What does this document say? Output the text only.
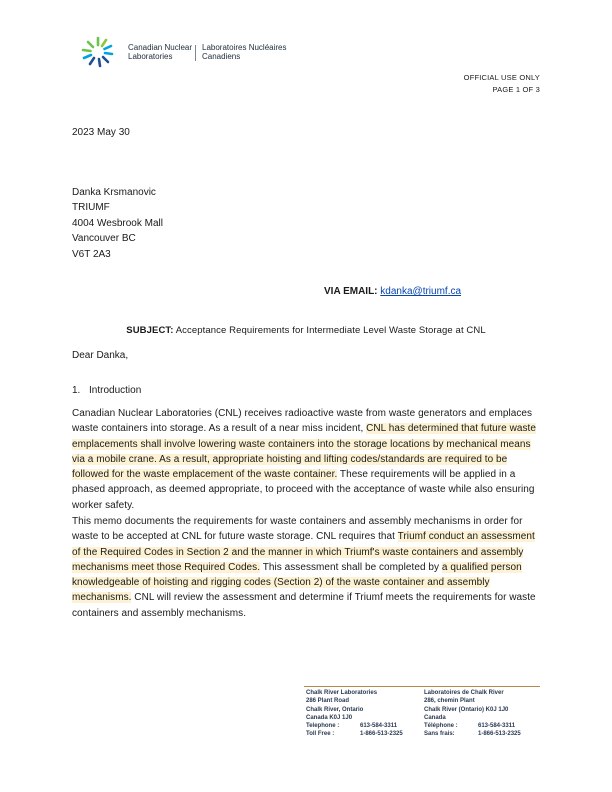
Canadian Nuclear
Laboratories
Laboratoires Nucléaires
Canadiens
OFFICIAL USE ONLY
PAGE 1 OF 3
2023 May 30
Danka Krsmanovic
TRIUMF
4004 Wesbrook Mall
Vancouver BC
V6T 2A3
VIA EMAIL: kdanka@triumf.ca
SUBJECT: Acceptance Requirements for Intermediate Level Waste Storage at CNL
Dear Danka,
1. Introduction
Canadian Nuclear Laboratories (CNL) receives radioactive waste from waste generators and emplaces waste containers into storage. As a result of a near miss incident, CNL has determined that future waste emplacements shall involve lowering waste containers into the storage locations by mechanical means via a mobile crane. As a result, appropriate hoisting and lifting codes/standards are required to be followed for the waste emplacement of the waste container. These requirements will be applied in a phased approach, as deemed appropriate, to proceed with the acceptance of waste while also ensuring worker safety.
This memo documents the requirements for waste containers and assembly mechanisms in order for waste to be accepted at CNL for future waste storage. CNL requires that Triumf conduct an assessment of the Required Codes in Section 2 and the manner in which Triumf's waste containers and assembly mechanisms meet those Required Codes. This assessment shall be completed by a qualified person knowledgeable of hoisting and rigging codes (Section 2) of the waste container and assembly mechanisms. CNL will review the assessment and determine if Triumf meets the requirements for waste containers and assembly mechanisms.
Chalk River Laboratories
286 Plant Road
Chalk River, Ontario
Canada K0J 1J0
Telephone :	613-584-3311
Toll Free :	1-866-513-2325
Laboratoires de Chalk River
286, chemin Plant
Chalk River (Ontario) K0J 1J0
Canada
Téléphone :	613-584-3311
Sans frais:	1-866-513-2325
